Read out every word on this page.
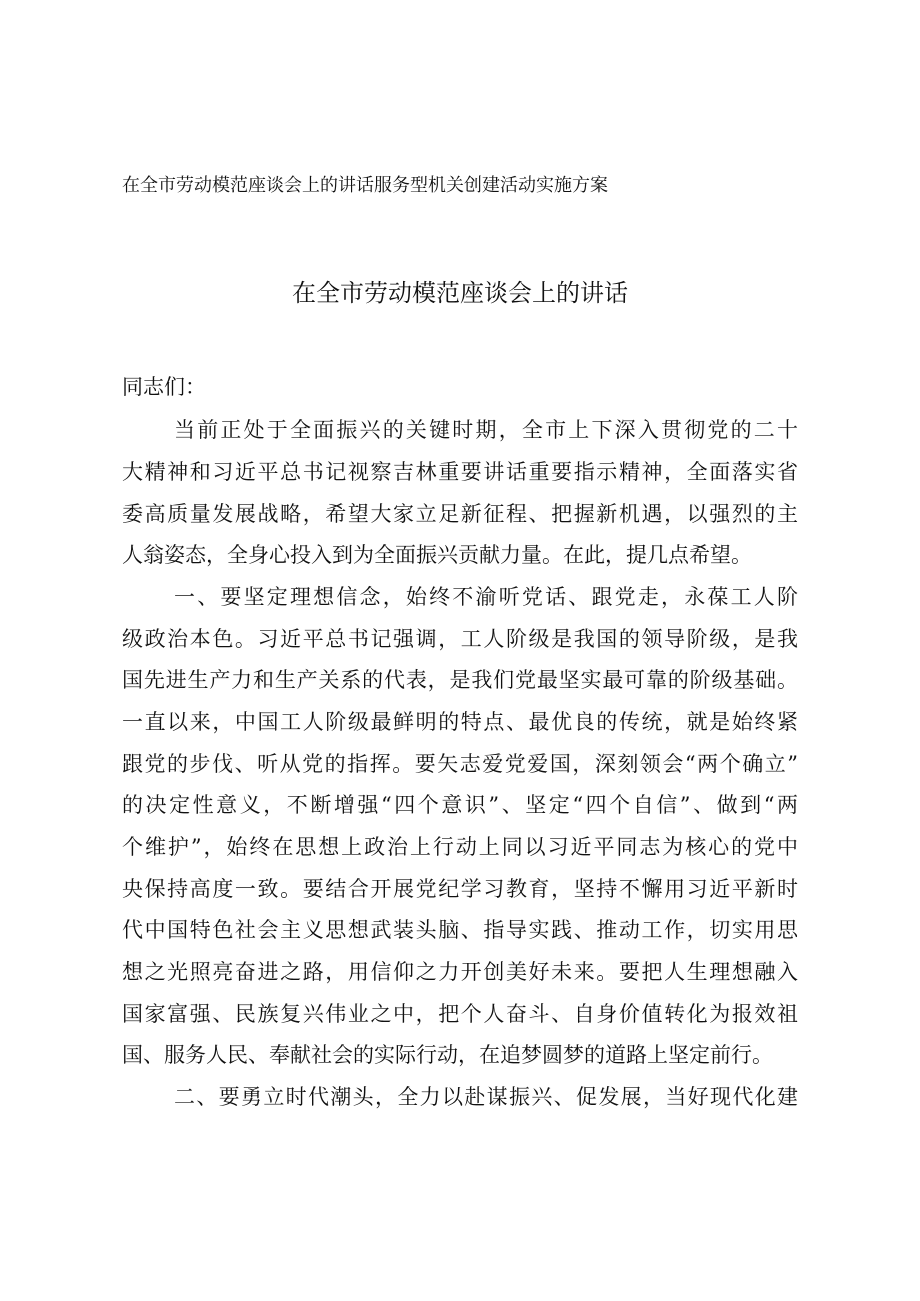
在全市劳动模范座谈会上的讲话服务型机关创建活动实施方案
在全市劳动模范座谈会上的讲话
同志们：
当前正处于全面振兴的关键时期，全市上下深入贯彻党的二十
大精神和习近平总书记视察吉林重要讲话重要指示精神，全面落实省
委高质量发展战略，希望大家立足新征程、把握新机遇，以强烈的主
人翁姿态，全身心投入到为全面振兴贡献力量。在此，提几点希望。
一、要坚定理想信念，始终不渝听党话、跟党走，永葆工人阶
级政治本色。习近平总书记强调，工人阶级是我国的领导阶级，是我
国先进生产力和生产关系的代表，是我们党最坚实最可靠的阶级基础。
一直以来，中国工人阶级最鲜明的特点、最优良的传统，就是始终紧
跟党的步伐、听从党的指挥。要矢志爱党爱国，深刻领会“两个确立”
的决定性意义，不断增强“四个意识”、坚定“四个自信”、做到“两
个维护”，始终在思想上政治上行动上同以习近平同志为核心的党中
央保持高度一致。要结合开展党纪学习教育，坚持不懈用习近平新时
代中国特色社会主义思想武装头脑、指导实践、推动工作，切实用思
想之光照亮奋进之路，用信仰之力开创美好未来。要把人生理想融入
国家富强、民族复兴伟业之中，把个人奋斗、自身价值转化为报效祖
国、服务人民、奉献社会的实际行动，在追梦圆梦的道路上坚定前行。
二、要勇立时代潮头，全力以赴谋振兴、促发展，当好现代化建
